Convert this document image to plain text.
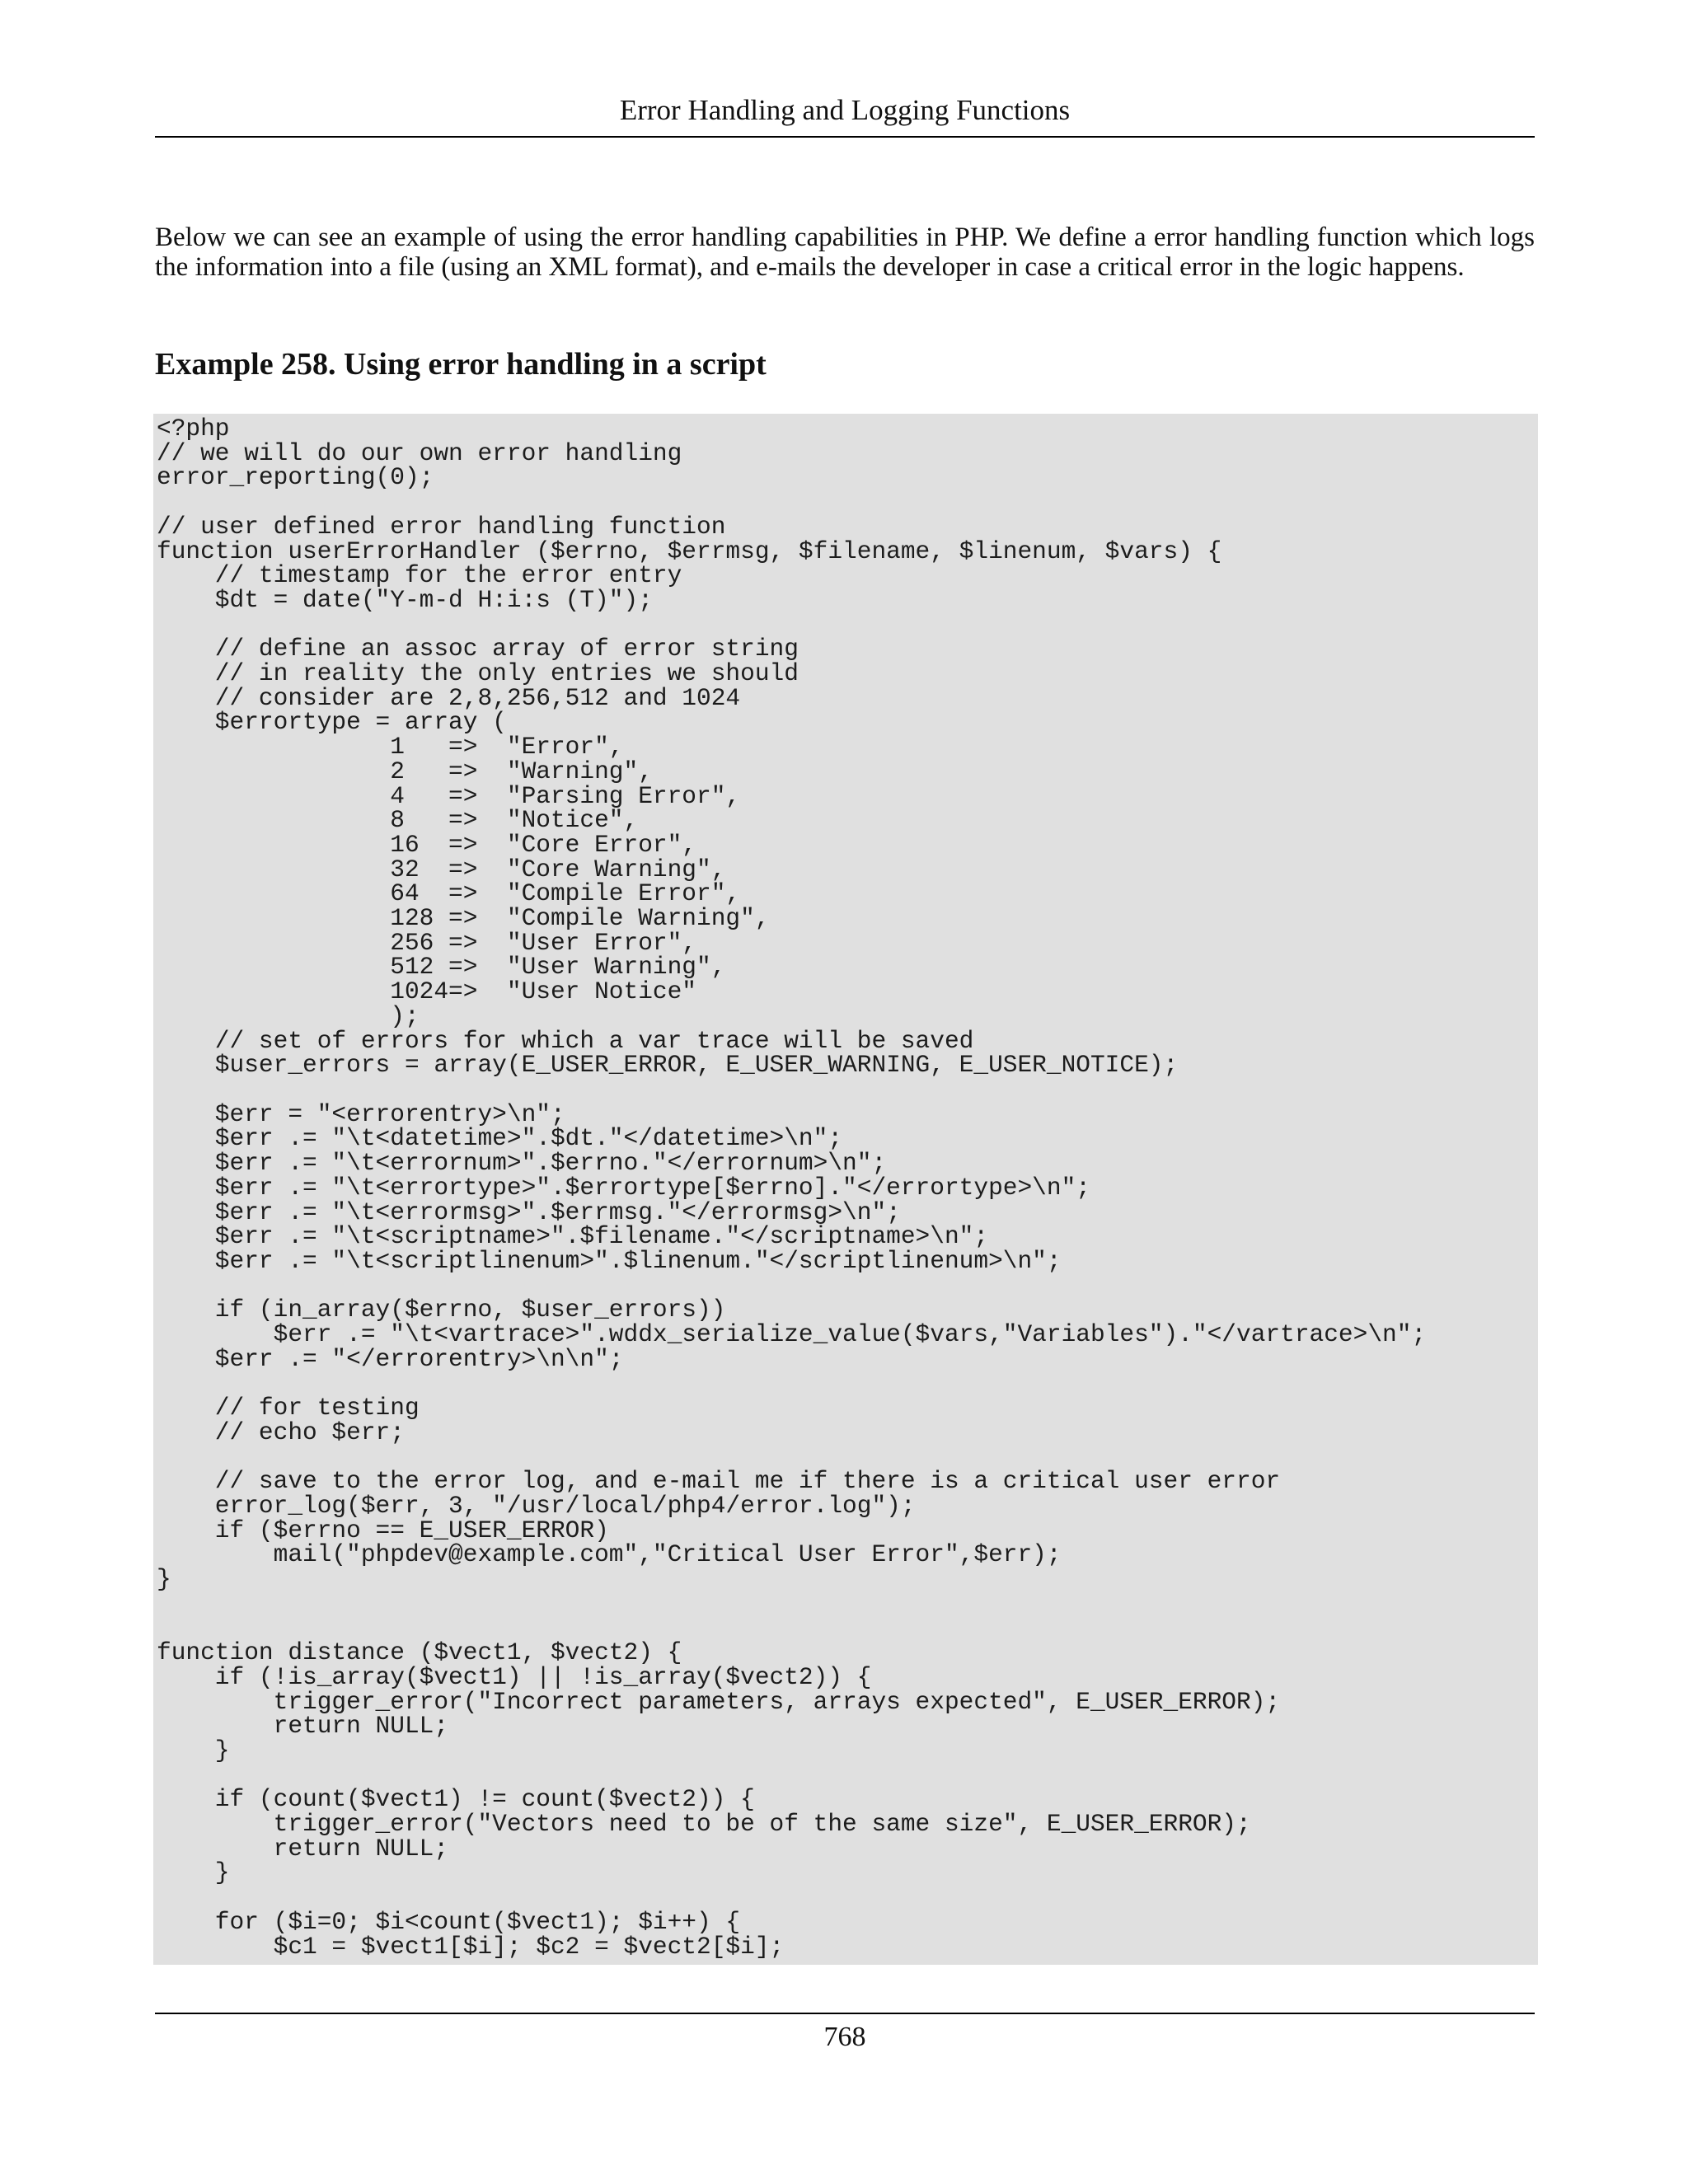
Error Handling and Logging Functions

Below we can see an example of using the error handling capabilities in PHP. We define a error handling function which logs the information into a file (using an XML format), and e-mails the developer in case a critical error in the logic happens.

Example 258. Using error handling in a script
<?php
// we will do our own error handling
error_reporting(0);

// user defined error handling function
function userErrorHandler ($errno, $errmsg, $filename, $linenum, $vars) {
// timestamp for the error entry
$dt = date("Y-m-d H:i:s (T)");

// define an assoc array of error string
// in reality the only entries we should
// consider are 2,8,256,512 and 1024
$errortype = array (
1   =>  "Error",
2   =>  "Warning",
4   =>  "Parsing Error",
8   =>  "Notice",
16  =>  "Core Error",
32  =>  "Core Warning",
64  =>  "Compile Error",
128 =>  "Compile Warning",
256 =>  "User Error",
512 =>  "User Warning",
1024=>  "User Notice"
);
// set of errors for which a var trace will be saved
$user_errors = array(E_USER_ERROR, E_USER_WARNING, E_USER_NOTICE);

$err = "<errorentry>\n";
$err .= "\t<datetime>".$dt."</datetime>\n";
$err .= "\t<errornum>".$errno."</errornum>\n";
$err .= "\t<errortype>".$errortype[$errno]."</errortype>\n";
$err .= "\t<errormsg>".$errmsg."</errormsg>\n";
$err .= "\t<scriptname>".$filename."</scriptname>\n";
$err .= "\t<scriptlinenum>".$linenum."</scriptlinenum>\n";

if (in_array($errno, $user_errors))
$err .= "\t<vartrace>".wddx_serialize_value($vars,"Variables")."</vartrace>\n";
$err .= "</errorentry>\n\n";

// for testing
// echo $err;

// save to the error log, and e-mail me if there is a critical user error
error_log($err, 3, "/usr/local/php4/error.log");
if ($errno == E_USER_ERROR)
mail("phpdev@example.com","Critical User Error",$err);
}

function distance ($vect1, $vect2) {
if (!is_array($vect1) || !is_array($vect2)) {
trigger_error("Incorrect parameters, arrays expected", E_USER_ERROR);
return NULL;
}

if (count($vect1) != count($vect2)) {
trigger_error("Vectors need to be of the same size", E_USER_ERROR);
return NULL;
}

for ($i=0; $i<count($vect1); $i++) {
$c1 = $vect1[$i]; $c2 = $vect2[$i];
768
